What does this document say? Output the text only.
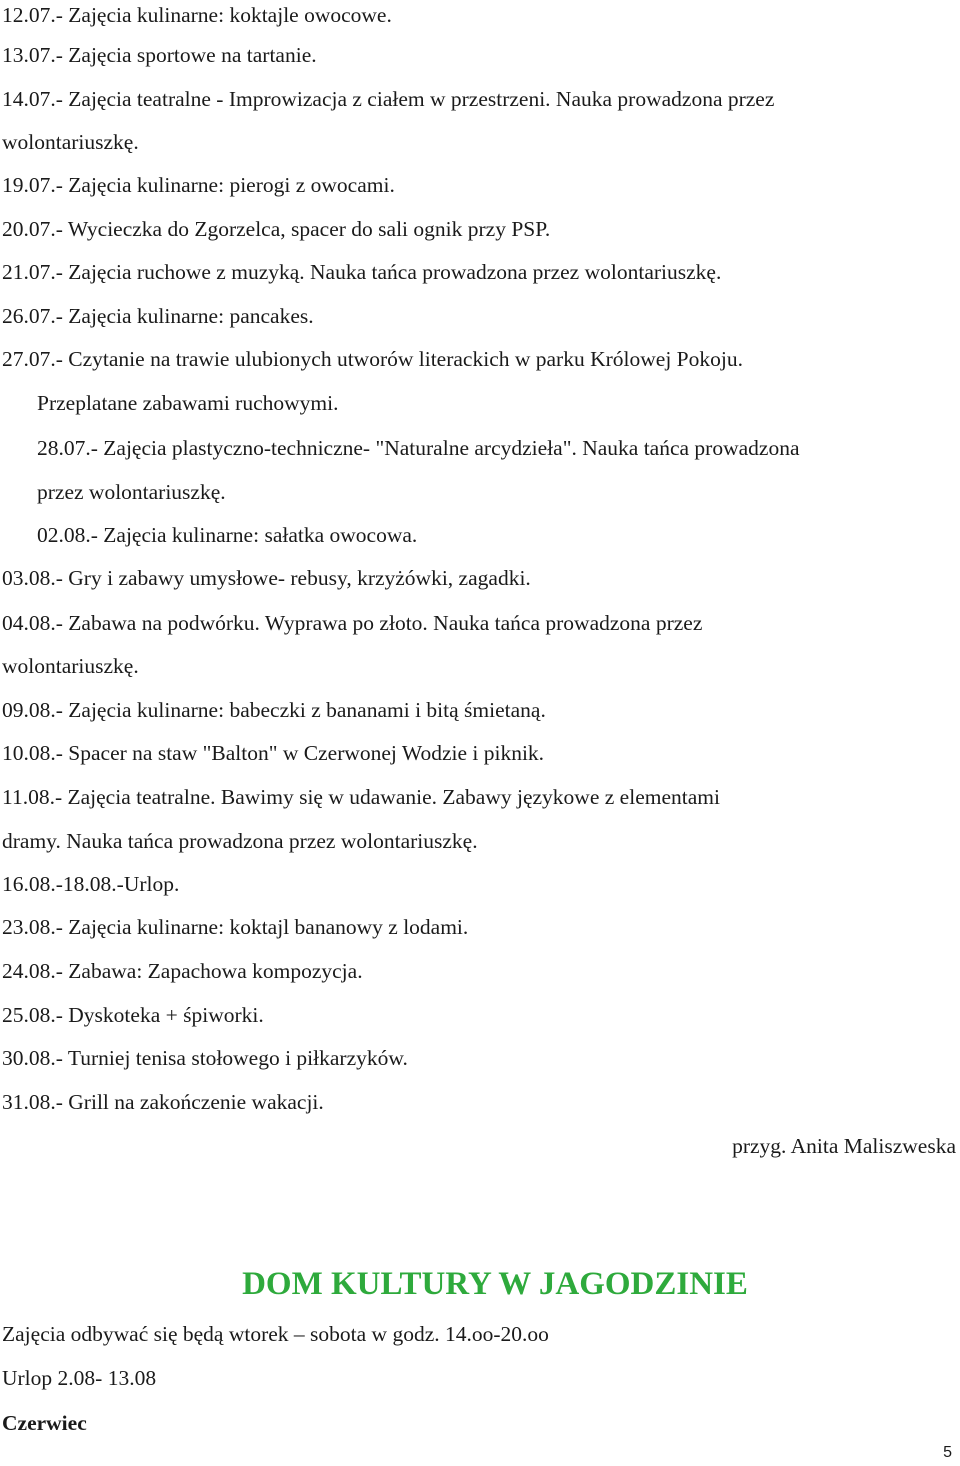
12.07.- Zajęcia kulinarne: koktajle owocowe.
13.07.- Zajęcia sportowe na tartanie.
14.07.- Zajęcia teatralne - Improwizacja z ciałem w przestrzeni. Nauka prowadzona przez
wolontariuszkę.
19.07.- Zajęcia kulinarne: pierogi z owocami.
20.07.- Wycieczka do Zgorzelca, spacer do sali ognik przy PSP.
21.07.- Zajęcia ruchowe z muzyką. Nauka tańca prowadzona przez wolontariuszkę.
26.07.- Zajęcia kulinarne: pancakes.
27.07.- Czytanie na trawie ulubionych utworów literackich w parku Królowej Pokoju.
Przeplatane zabawami ruchowymi.
28.07.- Zajęcia plastyczno-techniczne- "Naturalne arcydzieła". Nauka tańca prowadzona
przez wolontariuszkę.
02.08.- Zajęcia kulinarne: sałatka owocowa.
03.08.- Gry i zabawy umysłowe- rebusy, krzyżówki, zagadki.
04.08.- Zabawa na podwórku. Wyprawa po złoto. Nauka tańca prowadzona przez
wolontariuszkę.
09.08.- Zajęcia kulinarne: babeczki z bananami i bitą śmietaną.
10.08.- Spacer na staw "Balton" w Czerwonej Wodzie i piknik.
11.08.- Zajęcia teatralne. Bawimy się w udawanie. Zabawy językowe z elementami
dramy. Nauka tańca prowadzona przez wolontariuszkę.
16.08.-18.08.-Urlop.
23.08.- Zajęcia kulinarne: koktajl bananowy z lodami.
24.08.- Zabawa: Zapachowa kompozycja.
25.08.- Dyskoteka + śpiworki.
30.08.- Turniej tenisa stołowego i piłkarzyków.
31.08.- Grill na zakończenie wakacji.
przyg. Anita Maliszweska
DOM KULTURY W JAGODZINIE
Zajęcia odbywać się będą wtorek – sobota w godz. 14.oo-20.oo
Urlop 2.08- 13.08
Czerwiec
5
